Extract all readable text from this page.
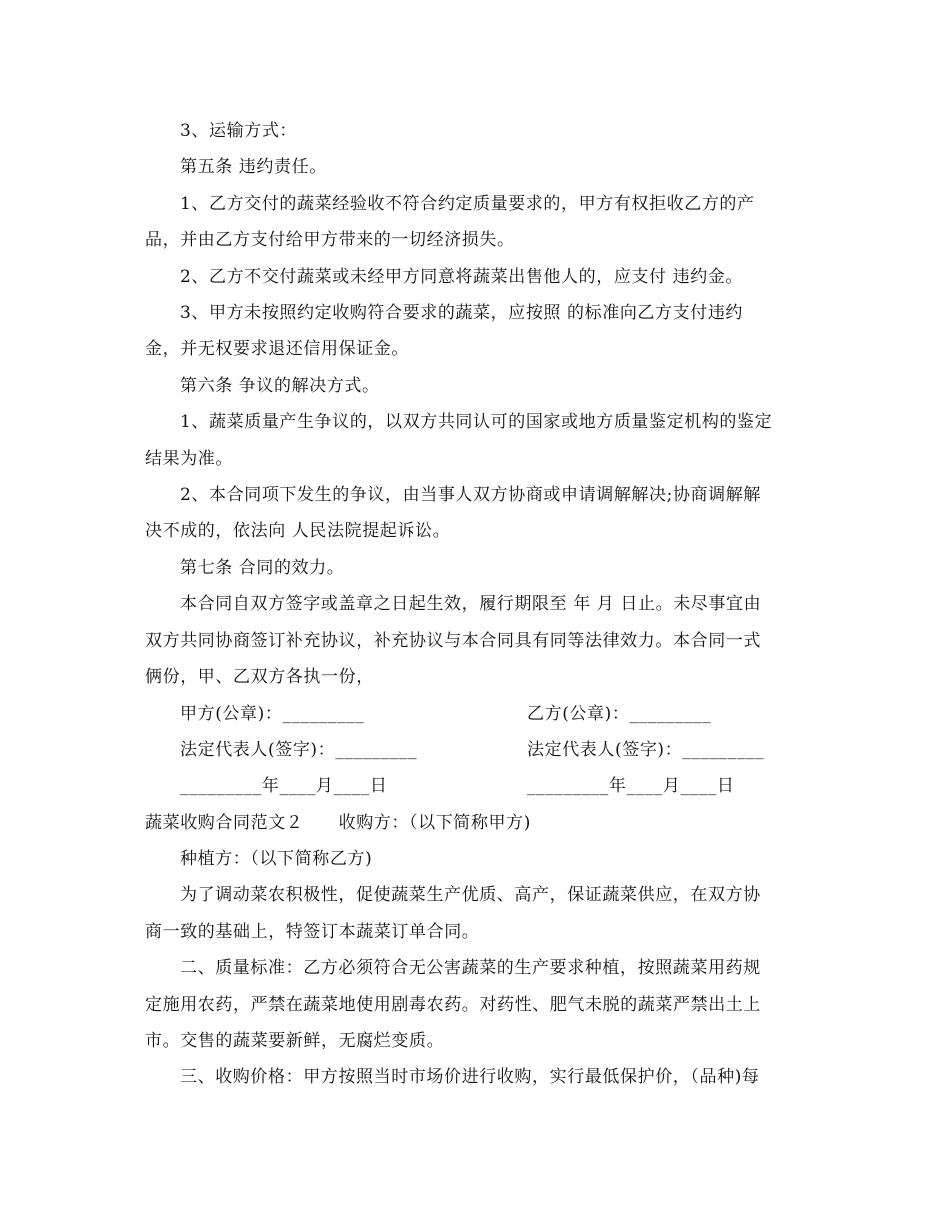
3、运输方式：
第五条 违约责任。
1、乙方交付的蔬菜经验收不符合约定质量要求的，甲方有权拒收乙方的产
品，并由乙方支付给甲方带来的一切经济损失。
2、乙方不交付蔬菜或未经甲方同意将蔬菜出售他人的，应支付 违约金。
3、甲方未按照约定收购符合要求的蔬菜，应按照 的标准向乙方支付违约
金，并无权要求退还信用保证金。
第六条 争议的解决方式。
1、蔬菜质量产生争议的，以双方共同认可的国家或地方质量鉴定机构的鉴定
结果为准。
2、本合同项下发生的争议，由当事人双方协商或申请调解解决;协商调解解
决不成的，依法向 人民法院提起诉讼。
第七条 合同的效力。
本合同自双方签字或盖章之日起生效，履行期限至 年 月 日止。未尽事宜由
双方共同协商签订补充协议，补充协议与本合同具有同等法律效力。本合同一式
俩份，甲、乙双方各执一份，
甲方(公章)：_________	乙方(公章)：_________
法定代表人(签字)：_________	法定代表人(签字)：_________
_________年____月____日	_________年____月____日
蔬菜收购合同范文２　　收购方：（以下简称甲方)
种植方：（以下简称乙方)
为了调动菜农积极性，促使蔬菜生产优质、高产，保证蔬菜供应，在双方协
商一致的基础上，特签订本蔬菜订单合同。
二、质量标准：乙方必须符合无公害蔬菜的生产要求种植，按照蔬菜用药规
定施用农药，严禁在蔬菜地使用剧毒农药。对药性、肥气未脱的蔬菜严禁出土上
市。交售的蔬菜要新鲜，无腐烂变质。
三、收购价格：甲方按照当时市场价进行收购，实行最低保护价，（品种)每
